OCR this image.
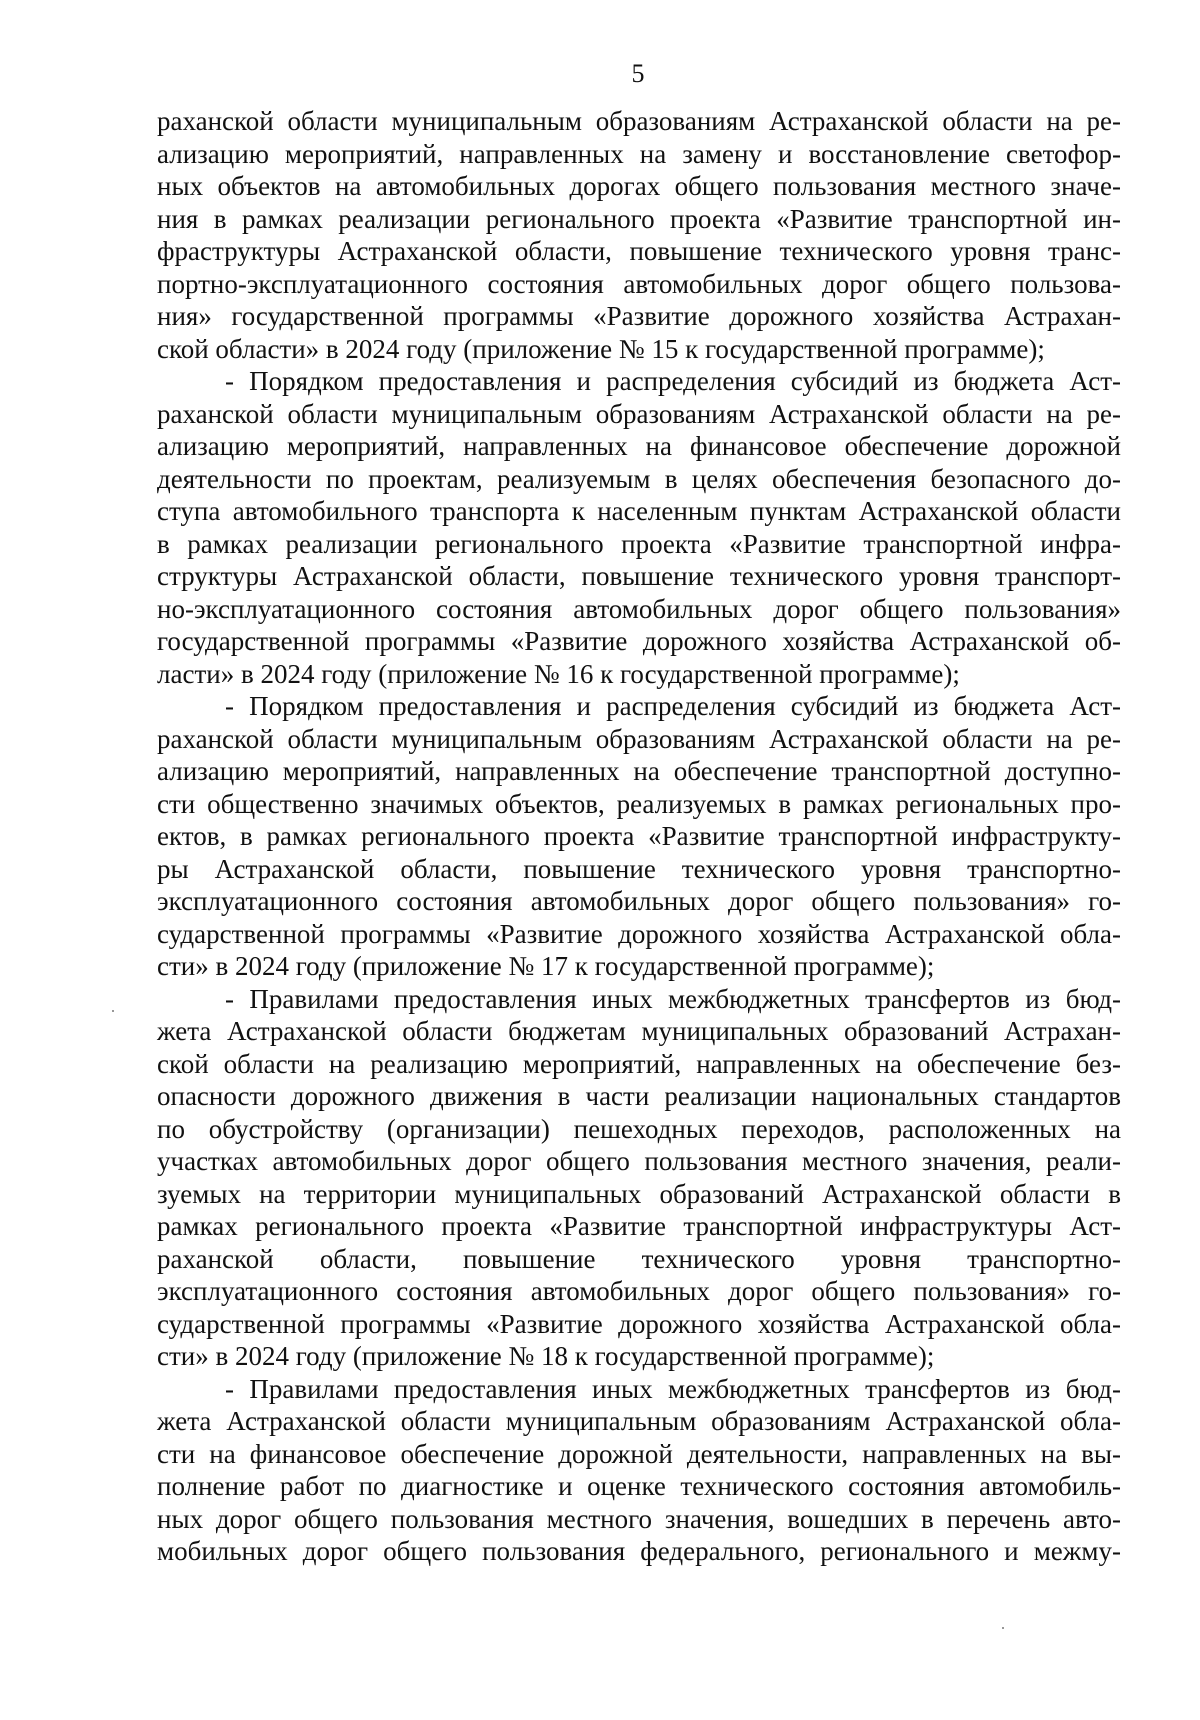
5
раханской области муниципальным образованиям Астраханской области на ре-
ализацию мероприятий, направленных на замену и восстановление светофор-
ных объектов на автомобильных дорогах общего пользования местного значе-
ния в рамках реализации регионального проекта «Развитие транспортной ин-
фраструктуры Астраханской области, повышение технического уровня транс-
портно-эксплуатационного состояния автомобильных дорог общего пользова-
ния» государственной программы «Развитие дорожного хозяйства Астрахан-
ской области» в 2024 году (приложение № 15 к государственной программе);
- Порядком предоставления и распределения субсидий из бюджета Аст-
раханской области муниципальным образованиям Астраханской области на ре-
ализацию мероприятий, направленных на финансовое обеспечение дорожной
деятельности по проектам, реализуемым в целях обеспечения безопасного до-
ступа автомобильного транспорта к населенным пунктам Астраханской области
в рамках реализации регионального проекта «Развитие транспортной инфра-
структуры Астраханской области, повышение технического уровня транспорт-
но-эксплуатационного состояния автомобильных дорог общего пользования»
государственной программы «Развитие дорожного хозяйства Астраханской об-
ласти» в 2024 году (приложение № 16 к государственной программе);
- Порядком предоставления и распределения субсидий из бюджета Аст-
раханской области муниципальным образованиям Астраханской области на ре-
ализацию мероприятий, направленных на обеспечение транспортной доступно-
сти общественно значимых объектов, реализуемых в рамках региональных про-
ектов, в рамках регионального проекта «Развитие транспортной инфраструкту-
ры Астраханской области, повышение технического уровня транспортно-
эксплуатационного состояния автомобильных дорог общего пользования» го-
сударственной программы «Развитие дорожного хозяйства Астраханской обла-
сти» в 2024 году (приложение № 17 к государственной программе);
- Правилами предоставления иных межбюджетных трансфертов из бюд-
жета Астраханской области бюджетам муниципальных образований Астрахан-
ской области на реализацию мероприятий, направленных на обеспечение без-
опасности дорожного движения в части реализации национальных стандартов
по обустройству (организации) пешеходных переходов, расположенных на
участках автомобильных дорог общего пользования местного значения, реали-
зуемых на территории муниципальных образований Астраханской области в
рамках регионального проекта «Развитие транспортной инфраструктуры Аст-
раханской области, повышение технического уровня транспортно-
эксплуатационного состояния автомобильных дорог общего пользования» го-
сударственной программы «Развитие дорожного хозяйства Астраханской обла-
сти» в 2024 году (приложение № 18 к государственной программе);
- Правилами предоставления иных межбюджетных трансфертов из бюд-
жета Астраханской области муниципальным образованиям Астраханской обла-
сти на финансовое обеспечение дорожной деятельности, направленных на вы-
полнение работ по диагностике и оценке технического состояния автомобиль-
ных дорог общего пользования местного значения, вошедших в перечень авто-
мобильных дорог общего пользования федерального, регионального и межму-
